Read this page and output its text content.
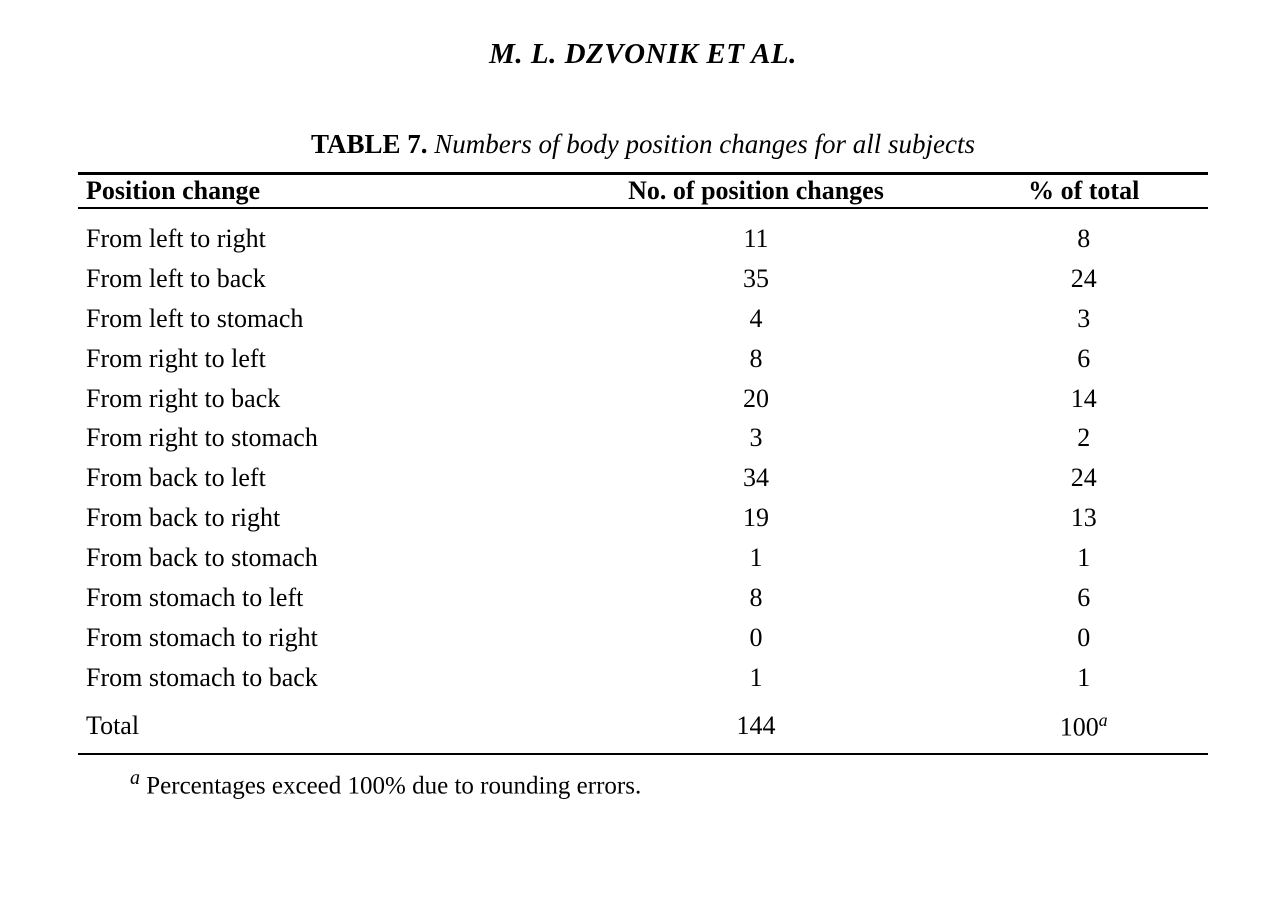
M. L. DZVONIK ET AL.
TABLE 7. Numbers of body position changes for all subjects

Position change	No. of position changes	% of total

From left to right	11	8
From left to back	35	24
From left to stomach	4	3
From right to left	8	6
From right to back	20	14
From right to stomach	3	2
From back to left	34	24
From back to right	19	13
From back to stomach	1	1
From stomach to left	8	6
From stomach to right	0	0
From stomach to back	1	1
Total	144	100$^a$

$^a$ Percentages exceed 100% due to rounding errors.
